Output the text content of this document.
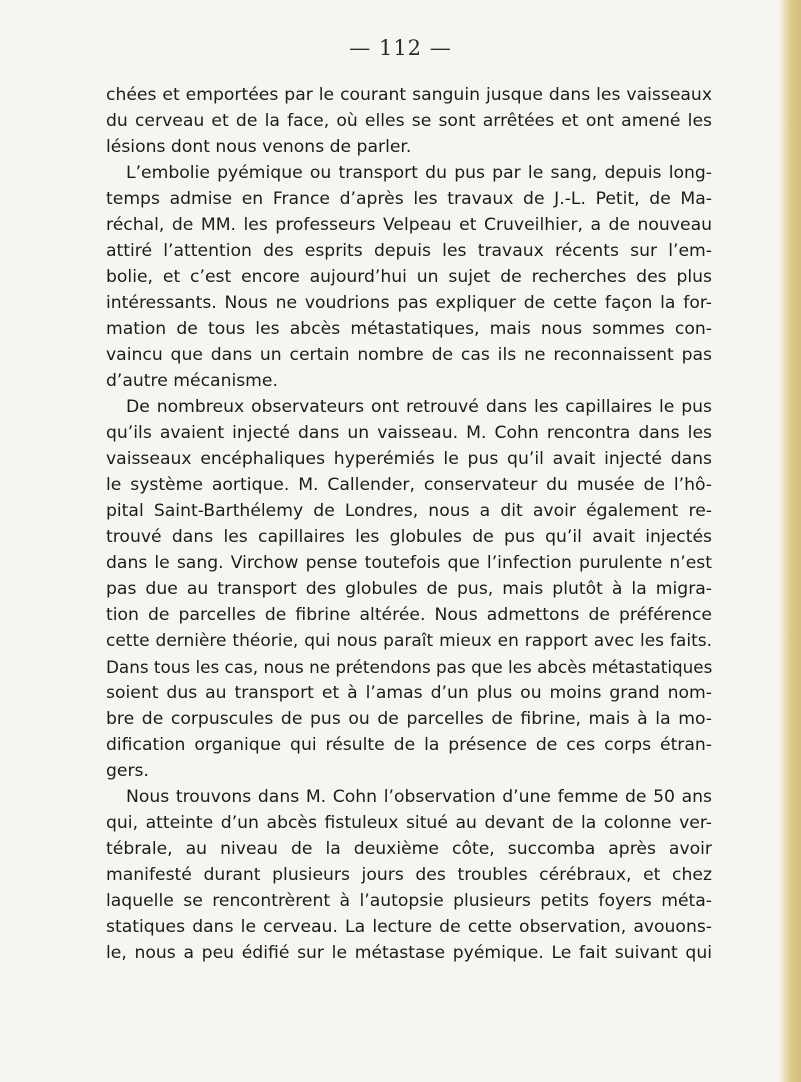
— 112 —
chées et emportées par le courant sanguin jusque dans les vaisseaux
du cerveau et de la face, où elles se sont arrêtées et ont amené les
lésions dont nous venons de parler.
L’embolie pyémique ou transport du pus par le sang, depuis long-
temps admise en France d’après les travaux de J.-L. Petit, de Ma-
réchal, de MM. les professeurs Velpeau et Cruveilhier, a de nouveau
attiré l’attention des esprits depuis les travaux récents sur l’em-
bolie, et c’est encore aujourd’hui un sujet de recherches des plus
intéressants. Nous ne voudrions pas expliquer de cette façon la for-
mation de tous les abcès métastatiques, mais nous sommes con-
vaincu que dans un certain nombre de cas ils ne reconnaissent pas
d’autre mécanisme.
De nombreux observateurs ont retrouvé dans les capillaires le pus
qu’ils avaient injecté dans un vaisseau. M. Cohn rencontra dans les
vaisseaux encéphaliques hyperémiés le pus qu’il avait injecté dans
le système aortique. M. Callender, conservateur du musée de l’hô-
pital Saint-Barthélemy de Londres, nous a dit avoir également re-
trouvé dans les capillaires les globules de pus qu’il avait injectés
dans le sang. Virchow pense toutefois que l’infection purulente n’est
pas due au transport des globules de pus, mais plutôt à la migra-
tion de parcelles de fibrine altérée. Nous admettons de préférence
cette dernière théorie, qui nous paraît mieux en rapport avec les faits.
Dans tous les cas, nous ne prétendons pas que les abcès métastatiques
soient dus au transport et à l’amas d’un plus ou moins grand nom-
bre de corpuscules de pus ou de parcelles de fibrine, mais à la mo-
dification organique qui résulte de la présence de ces corps étran-
gers.
Nous trouvons dans M. Cohn l’observation d’une femme de 50 ans
qui, atteinte d’un abcès fistuleux situé au devant de la colonne ver-
tébrale, au niveau de la deuxième côte, succomba après avoir
manifesté durant plusieurs jours des troubles cérébraux, et chez
laquelle se rencontrèrent à l’autopsie plusieurs petits foyers méta-
statiques dans le cerveau. La lecture de cette observation, avouons-
le, nous a peu édifié sur le métastase pyémique. Le fait suivant qui
